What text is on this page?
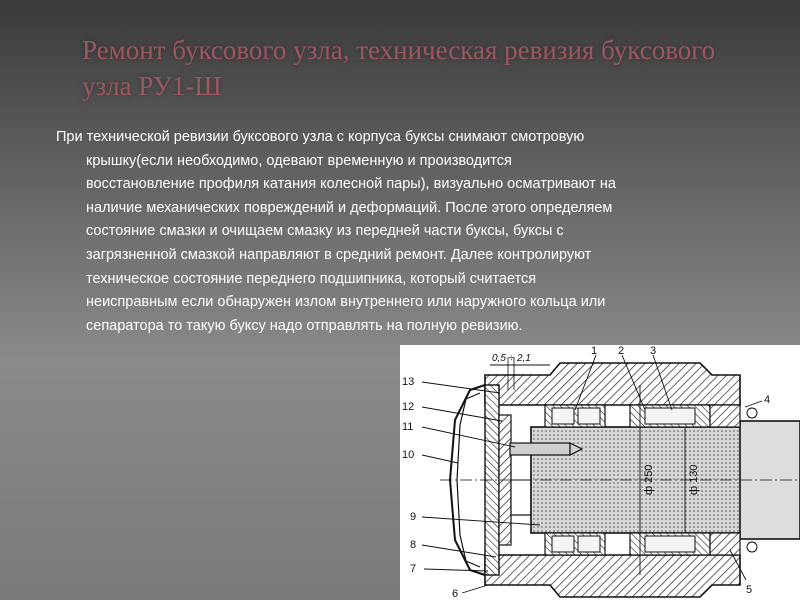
Ремонт буксового узла, техническая ревизия буксового узла РУ1-Ш
При технической ревизии буксового узла с корпуса буксы снимают смотровую
крышку(если необходимо, одевают временную и производится
восстановление профиля катания колесной пары), визуально осматривают на
наличие механических повреждений и деформаций. После этого определяем
состояние смазки и очищаем смазку из передней части буксы, буксы с
загрязненной смазкой направляют в средний ремонт. Далее контролируют
техническое состояние переднего подшипника, который считается
неисправным если обнаружен излом внутреннего или наружного кольца или
сепаратора то такую буксу надо отправлять на полную ревизию.
ф 250	ф 130
0,5 ÷ 2,1
1 2 3
4
5
6
7
8
9
10
11
12
13
